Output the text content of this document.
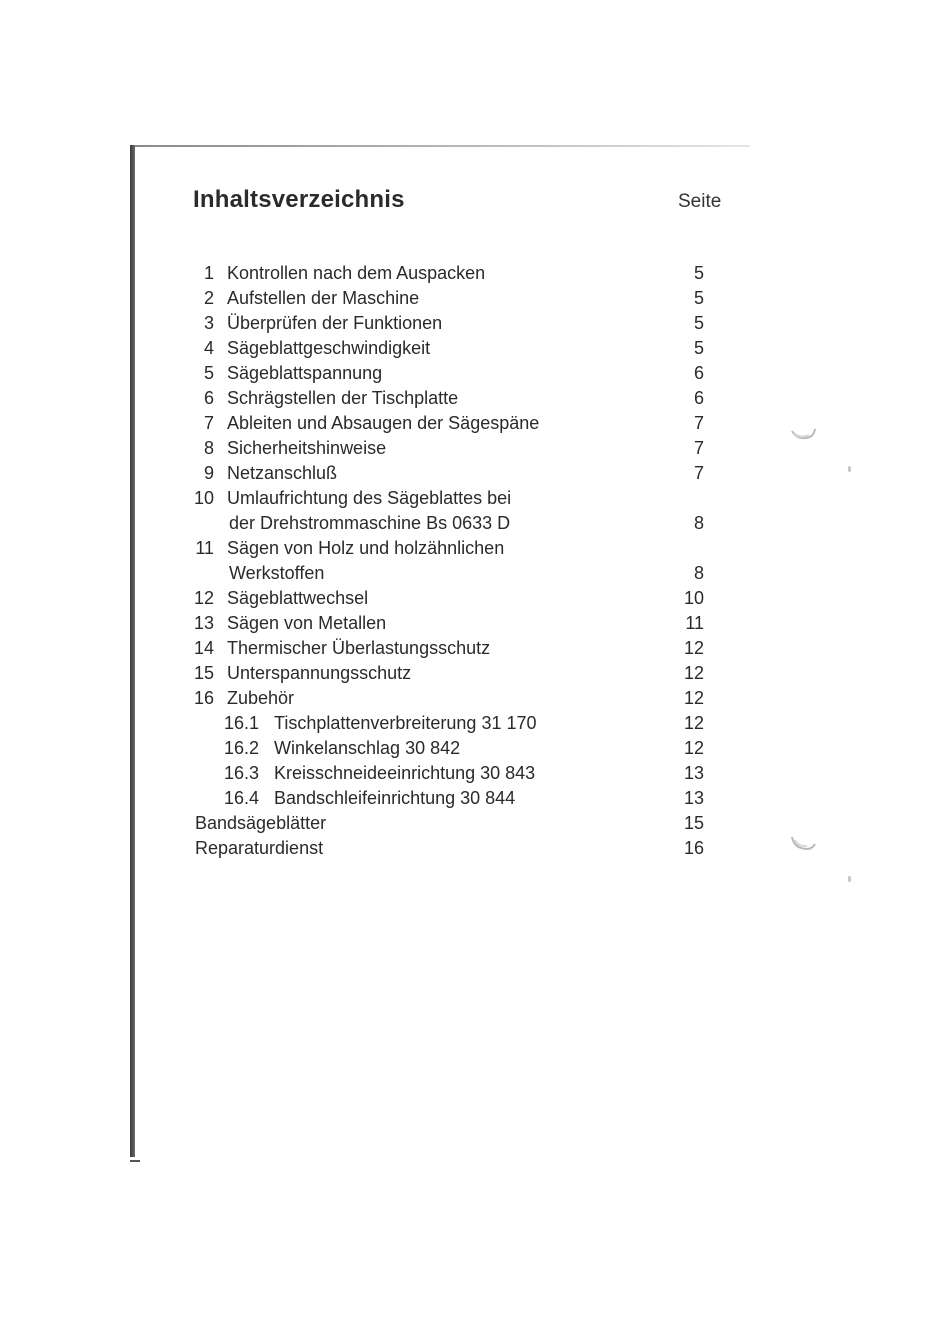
Inhaltsverzeichnis	Seite
1 Kontrollen nach dem Auspacken	5
2 Aufstellen der Maschine	5
3 Überprüfen der Funktionen	5
4 Sägeblattgeschwindigkeit	5
5 Sägeblattspannung	6
6 Schrägstellen der Tischplatte	6
7 Ableiten und Absaugen der Sägespäne	7
8 Sicherheitshinweise	7
9 Netzanschluß	7
10 Umlaufrichtung des Sägeblattes bei
der Drehstrommaschine Bs 0633 D	8
11 Sägen von Holz und holzähnlichen
Werkstoffen	8
12 Sägeblattwechsel	10
13 Sägen von Metallen	11
14 Thermischer Überlastungsschutz	12
15 Unterspannungsschutz	12
16 Zubehör	12
16.1 Tischplattenverbreiterung 31 170	12
16.2 Winkelanschlag 30 842	12
16.3 Kreisschneideeinrichtung 30 843	13
16.4 Bandschleifeinrichtung 30 844	13
Bandsägeblätter	15
Reparaturdienst	16
